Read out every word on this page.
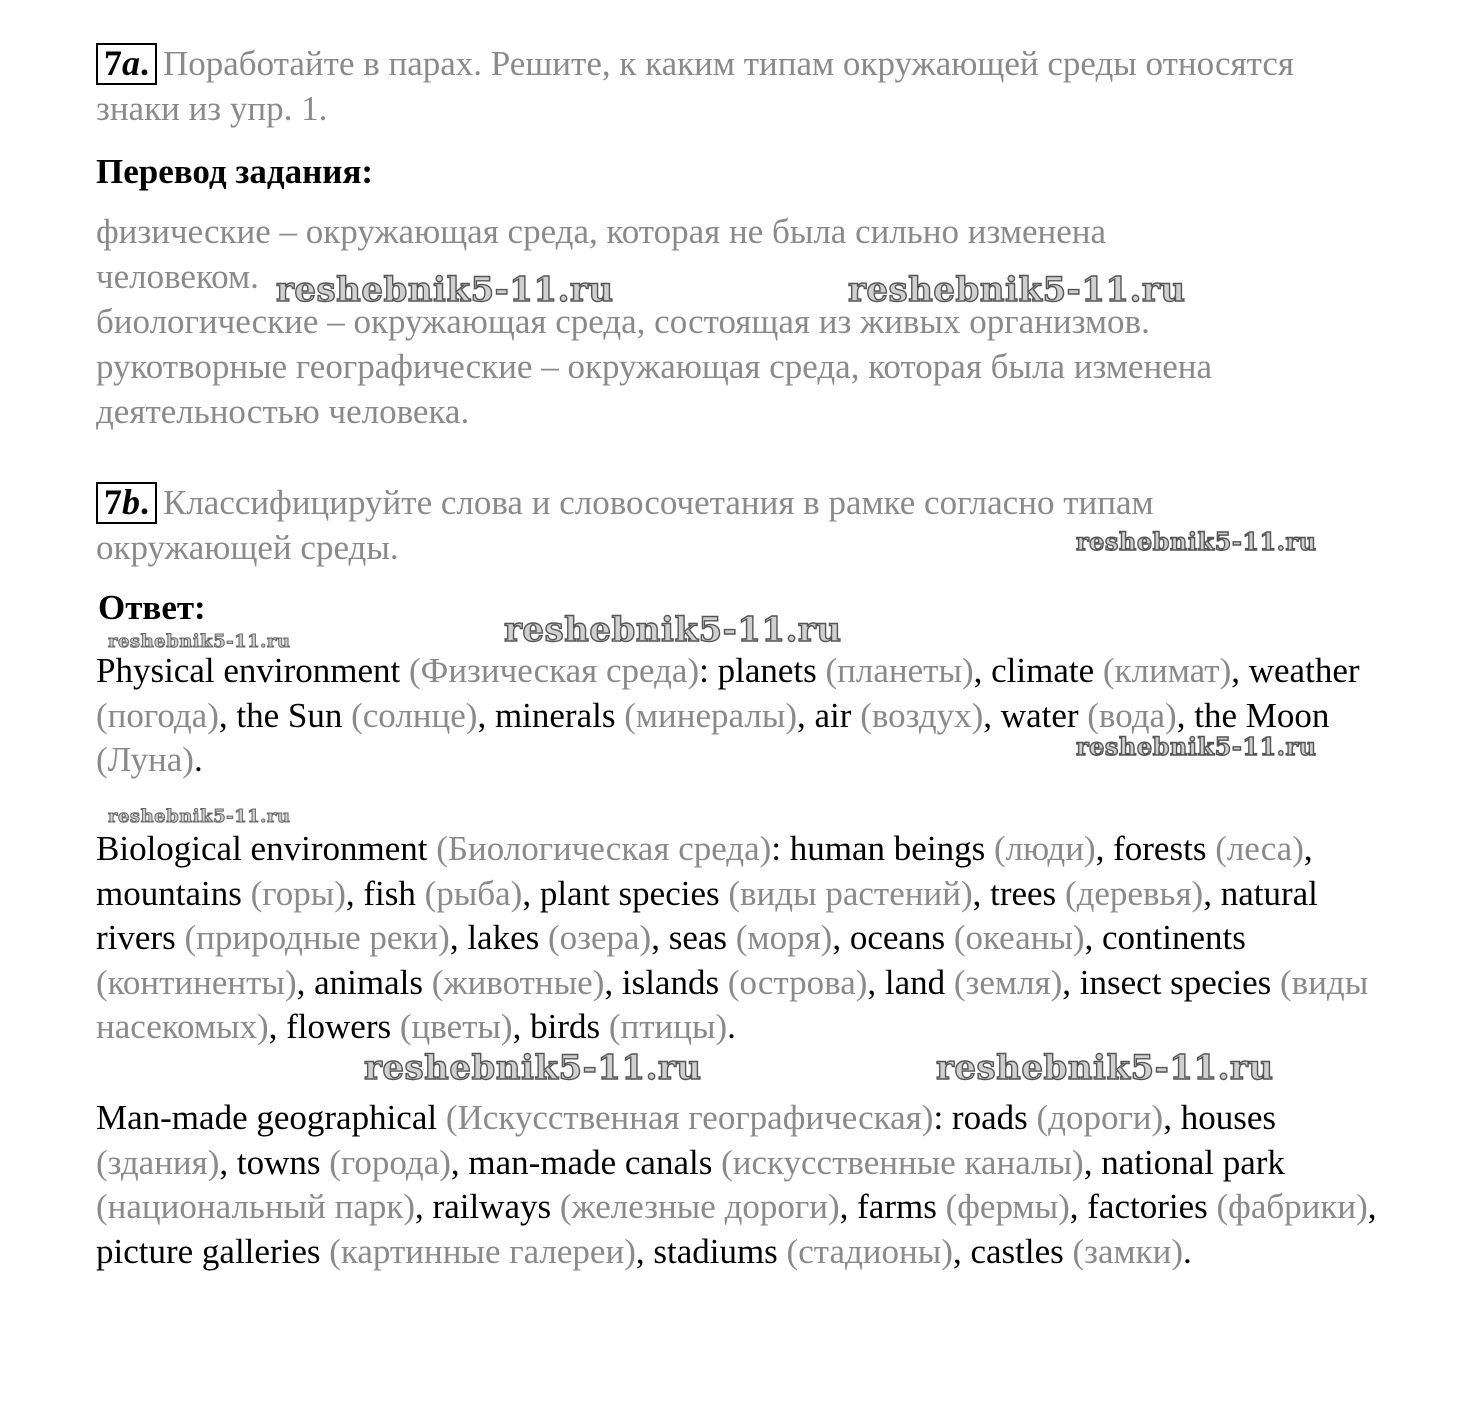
7a. Поработайте в парах. Решите, к каким типам окружающей среды относятся знаки из упр. 1.

Перевод задания:

физические – окружающая среда, которая не была сильно изменена человеком.

биологические – окружающая среда, состоящая из живых организмов.

рукотворные географические – окружающая среда, которая была изменена деятельностью человека.

7b. Классифицируйте слова и словосочетания в рамке согласно типам окружающей среды.

Ответ:

Physical environment (Физическая среда): planets (планеты), climate (климат), weather (погода), the Sun (солнце), minerals (минералы), air (воздух), water (вода), the Moon (Луна).

Biological environment (Биологическая среда): human beings (люди), forests (леса), mountains (горы), fish (рыба), plant species (виды растений), trees (деревья), natural rivers (природные реки), lakes (озера), seas (моря), oceans (океаны), continents (континенты), animals (животные), islands (острова), land (земля), insect species (виды насекомых), flowers (цветы), birds (птицы).

Man-made geographical (Искусственная географическая): roads (дороги), houses (здания), towns (города), man-made canals (искусственные каналы), national park (национальный парк), railways (железные дороги), farms (фермы), factories (фабрики), picture galleries (картинные галереи), stadiums (стадионы), castles (замки).

reshebnik5-11.ru	reshebnik5-11.ru
reshebnik5-11.ru
reshebnik5-11.ru
reshebnik5-11.ru
reshebnik5-11.ru
reshebnik5-11.ru
reshebnik5-11.ru	reshebnik5-11.ru
